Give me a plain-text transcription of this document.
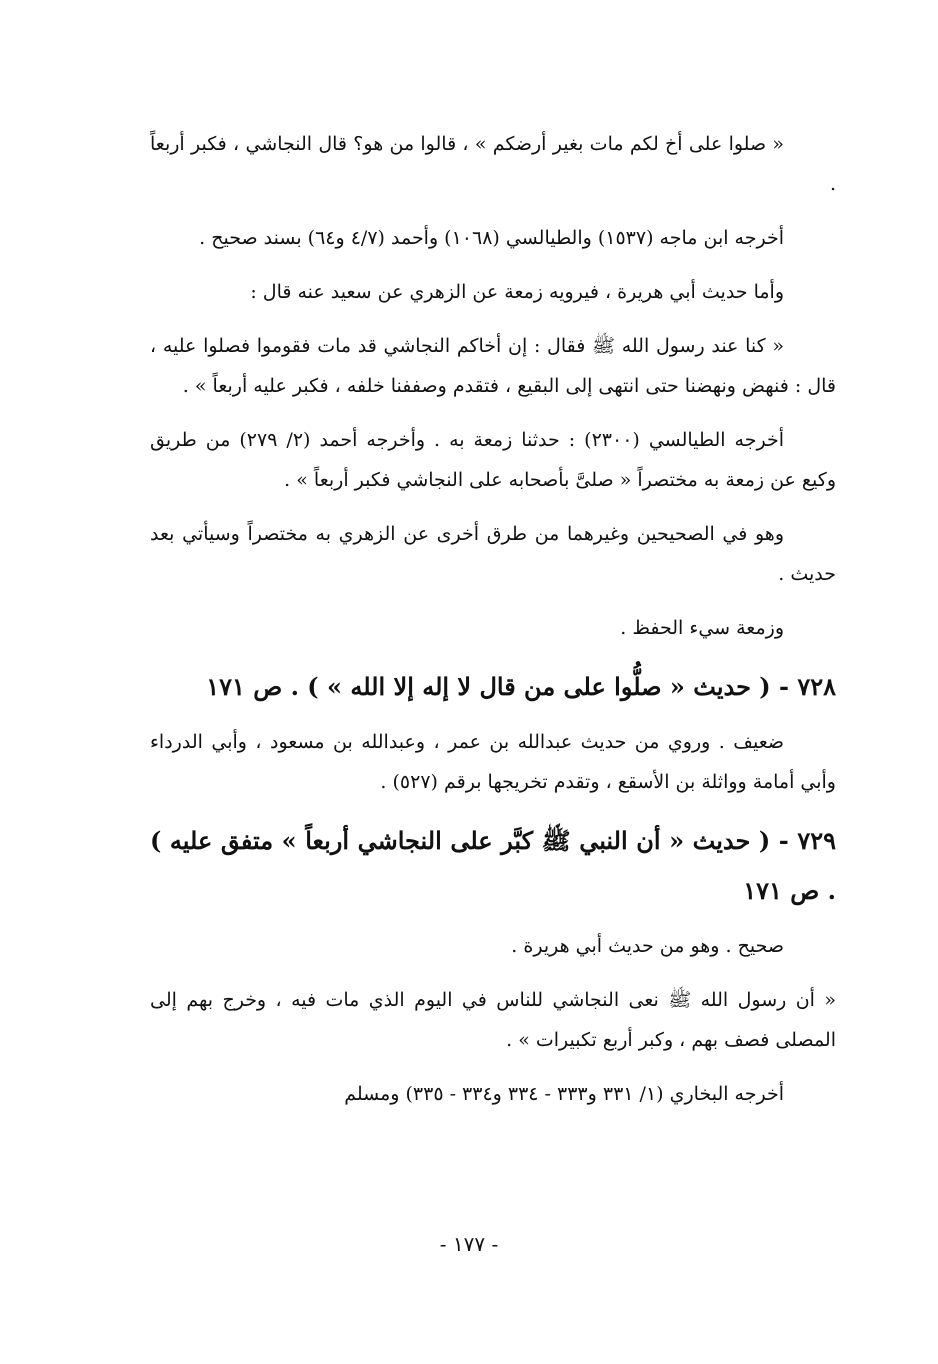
« صلوا على أخ لكم مات بغير أرضكم » ، قالوا من هو؟ قال النجاشي ، فكبر أربعاً .

أخرجه ابن ماجه (١٥٣٧) والطيالسي (١٠٦٨) وأحمد (٤/٧ و٦٤) بسند صحيح .

وأما حديث أبي هريرة ، فيرويه زمعة عن الزهري عن سعيد عنه قال :

« كنا عند رسول الله ﷺ فقال : إن أخاكم النجاشي قد مات فقوموا فصلوا عليه ، قال : فنهض ونهضنا حتى انتهى إلى البقيع ، فتقدم وصففنا خلفه ، فكبر عليه أربعاً » .

أخرجه الطيالسي (٢٣٠٠) : حدثنا زمعة به . وأخرجه أحمد (٢/ ٢٧٩) من طريق وكيع عن زمعة به مختصراً « صلىَّ بأصحابه على النجاشي فكبر أربعاً » .

وهو في الصحيحين وغيرهما من طرق أخرى عن الزهري به مختصراً وسيأتي بعد حديث .

وزمعة سيء الحفظ .

٧٢٨ - ( حديث « صلُّوا على من قال لا إله إلا الله » ) . ص ١٧١

ضعيف . وروي من حديث عبدالله بن عمر ، وعبدالله بن مسعود ، وأبي الدرداء وأبي أمامة وواثلة بن الأسقع ، وتقدم تخريجها برقم (٥٢٧) .

٧٢٩ - ( حديث « أن النبي ﷺ كبَّر على النجاشي أربعاً » متفق عليه ) . ص ١٧١

صحيح . وهو من حديث أبي هريرة .

« أن رسول الله ﷺ نعى النجاشي للناس في اليوم الذي مات فيه ، وخرج بهم إلى المصلى فصف بهم ، وكبر أربع تكبيرات » .

أخرجه البخاري (١/ ٣٣١ و٣٣٣ - ٣٣٤ و٣٣٤ - ٣٣٥) ومسلم

- ١٧٧ -
